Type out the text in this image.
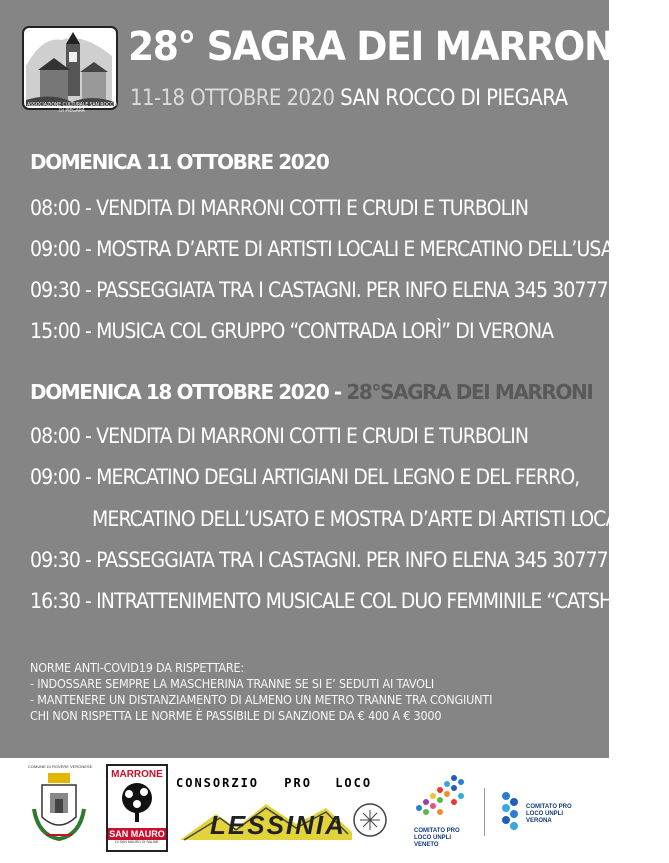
ASSOCIAZIONE CULTURALE SAN ROCCO DI PIEGARA
28° SAGRA DEI MARRONI
11-18 OTTOBRE 2020 SAN ROCCO DI PIEGARA
DOMENICA 11 OTTOBRE 2020
08:00 - VENDITA DI MARRONI COTTI E CRUDI E TURBOLIN
09:00 - MOSTRA D’ARTE DI ARTISTI LOCALI E MERCATINO DELL’USATO
09:30 - PASSEGGIATA TRA I CASTAGNI. PER INFO ELENA 345 3077735
15:00 - MUSICA COL GRUPPO “CONTRADA LORÌ” DI VERONA
DOMENICA 18 OTTOBRE 2020 - 28°SAGRA DEI MARRONI
08:00 - VENDITA DI MARRONI COTTI E CRUDI E TURBOLIN
09:00 - MERCATINO DEGLI ARTIGIANI DEL LEGNO E DEL FERRO,
MERCATINO DELL’USATO E MOSTRA D’ARTE DI ARTISTI LOCALI
09:30 - PASSEGGIATA TRA I CASTAGNI. PER INFO ELENA 345 3077735
16:30 - INTRATTENIMENTO MUSICALE COL DUO FEMMINILE “CATSHADES”
NORME ANTI-COVID19 DA RISPETTARE:
- INDOSSARE SEMPRE LA MASCHERINA TRANNE SE SI E’ SEDUTI AI TAVOLI
- MANTENERE UN DISTANZIAMENTO DI ALMENO UN METRO TRANNE TRA CONGIUNTI
CHI NON RISPETTA LE NORME È PASSIBILE DI SANZIONE DA € 400 A € 3000
COMUNE DI ROVERE VERONESE
MARRONE
SAN MAURO
DI SAN MAURO DI SALINE
CONSORZIO PRO LOCO
LESSINIA	COMITATO PRO LOCO UNPLI VENETO
COMITATO PRO LOCO UNPLI VERONA
